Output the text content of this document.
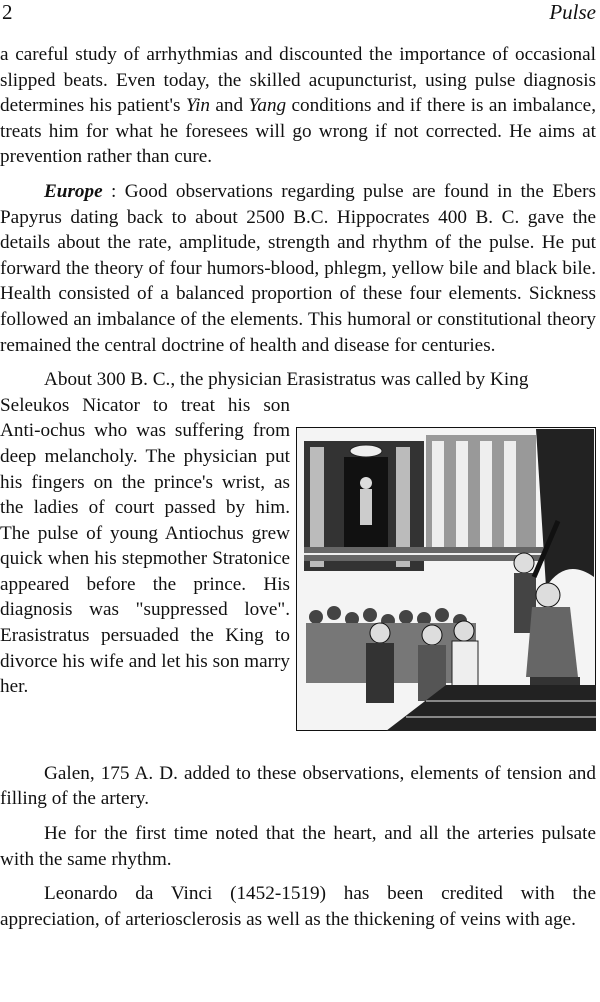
2	Pulse

a careful study of arrhythmias and discounted the importance of occasional slipped beats. Even today, the skilled acupuncturist, using pulse diagnosis determines his patient's Yin and Yang conditions and if there is an imbalance, treats him for what he foresees will go wrong if not corrected. He aims at prevention rather than cure.

Europe : Good observations regarding pulse are found in the Ebers Papyrus dating back to about 2500 B.C. Hippocrates 400 B. C. gave the details about the rate, amplitude, strength and rhythm of the pulse. He put forward the theory of four humors-blood, phlegm, yellow bile and black bile. Health consisted of a balanced proportion of these four elements. Sickness followed an imbalance of the elements. This humoral or constitutional theory remained the central doctrine of health and disease for centuries.

About 300 B. C., the physician Erasistratus was called by King

Seleukos Nicator to treat his son Anti-ochus who was suffering from deep melancholy. The physician put his fingers on the prince's wrist, as the ladies of court passed by him. The pulse of young Antiochus grew quick when his stepmother Stratonice appeared before the prince. His diagnosis was "suppressed love". Erasistratus persuaded the King to divorce his wife and let his son marry her.

Galen, 175 A. D. added to these observations, elements of tension and filling of the artery.

He for the first time noted that the heart, and all the arteries pulsate with the same rhythm.

Leonardo da Vinci (1452-1519) has been credited with the appreciation, of arteriosclerosis as well as the thickening of veins with age.
